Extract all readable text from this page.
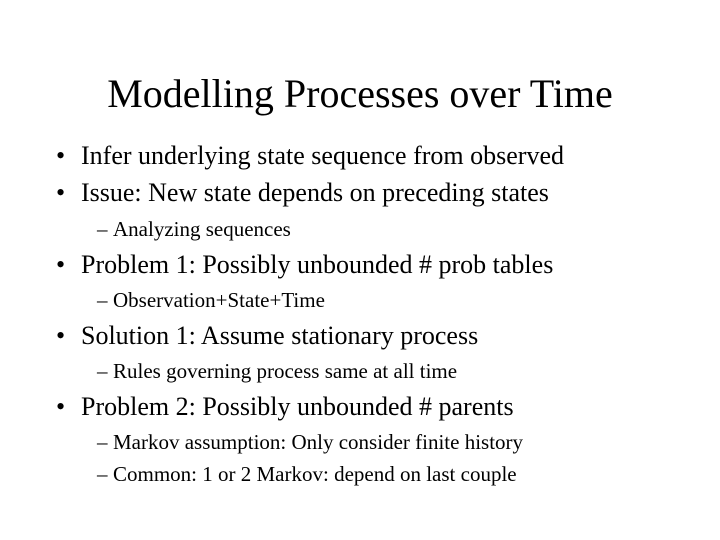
Modelling Processes over Time
• Infer underlying state sequence from observed
• Issue: New state depends on preceding states
– Analyzing sequences
• Problem 1: Possibly unbounded # prob tables
– Observation+State+Time
• Solution 1: Assume stationary process
– Rules governing process same at all time
• Problem 2: Possibly unbounded # parents
– Markov assumption: Only consider finite history
– Common: 1 or 2 Markov: depend on last couple
